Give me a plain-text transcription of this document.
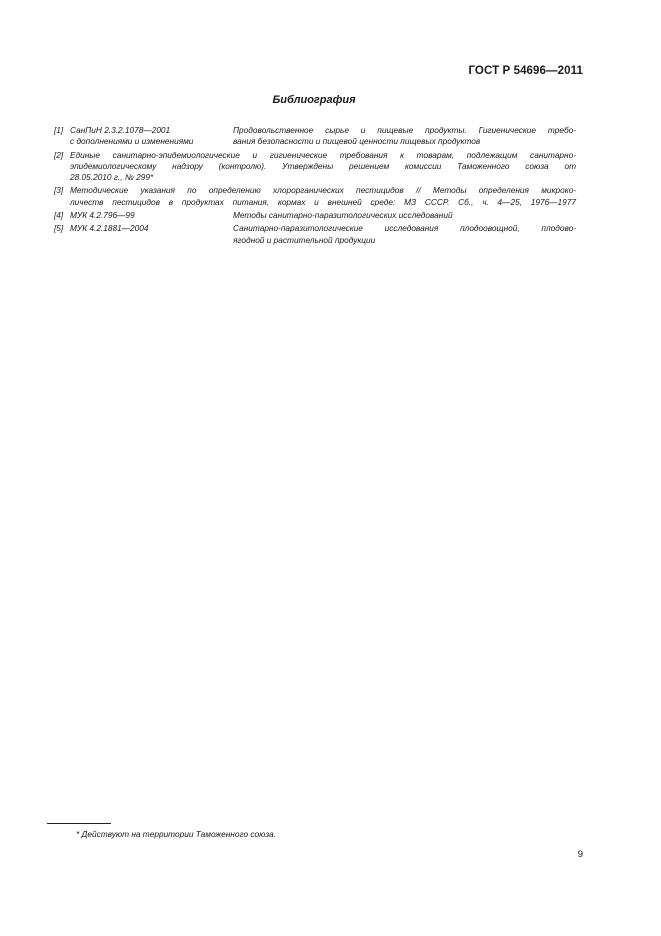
ГОСТ Р 54696—2011
Библиография
[1] СанПиН 2.3.2.1078—2001
с дополнениями и изменениями
Продовольственное сырье и пищевые продукты. Гигиенические требо-
вания безопасности и пищевой ценности пищевых продуктов
[2] Единые санитарно-эпидемиологические и гигиенические требования к товарам, подлежащим санитарно-
эпидемиологическому надзору (контролю). Утверждены решением комиссии Таможенного союза от
28.05.2010 г., № 299*
[3] Методические указания по определению хлорорганических пестицидов // Методы определения микроко-
личеств пестицидов в продуктах питания, кормах и внешней среде: МЗ СССР. Сб., ч. 4—25, 1976—1977
[4] МУК 4.2.796—99	Методы санитарно-паразитологических исследований
[5] МУК 4.2.1881—2004	Санитарно-паразитологические исследования плодоовощной, плодово-
ягодной и растительной продукции
* Действуют на территории Таможенного союза.
9
